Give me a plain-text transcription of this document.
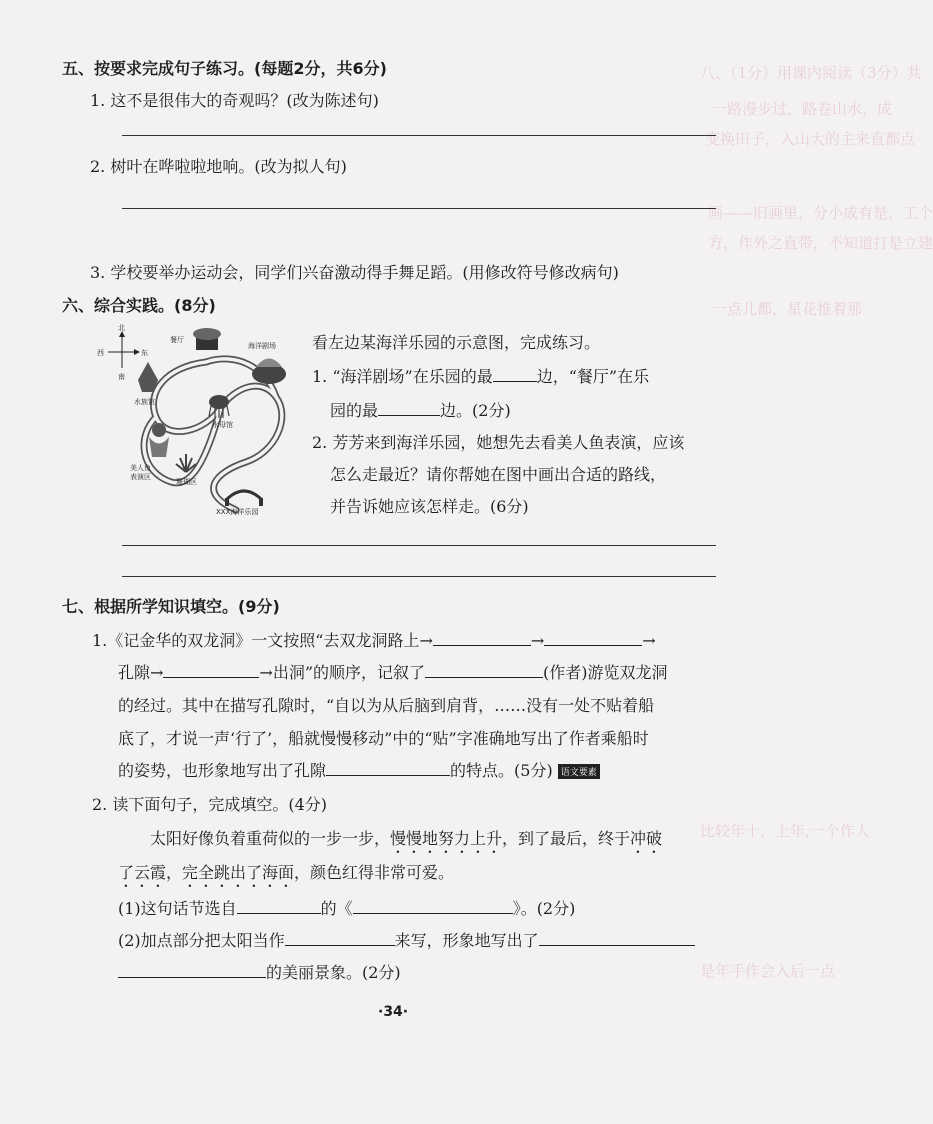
八、（1分）用课内阅读（3分）共
一路漫步过，路卷山水，成
变换田子，入山大的主来直都点
画——旧画里，分小成有是，工个
方，作外之直带，不知道打是立建
一点儿都，星花推着那
比较年十，上年,一个作人
是年手作会入后一点
五、按要求完成句子练习。(每题2分，共6分)
1. 这不是很伟大的奇观吗？(改为陈述句)
2. 树叶在哗啦啦地响。(改为拟人句)
3. 学校要举办运动会，同学们兴奋激动得手舞足蹈。(用修改符号修改病句)
六、综合实践。(8分)
北
南
西	东
餐厅
海洋剧场
水族馆
水母馆
美人鱼
表演区
珊瑚区
XXX海洋乐园
看左边某海洋乐园的示意图，完成练习。
1. “海洋剧场”在乐园的最	边，“餐厅”在乐
园的最	边。(2分)
2. 芳芳来到海洋乐园，她想先去看美人鱼表演，应该
怎么走最近？请你帮她在图中画出合适的路线，
并告诉她应该怎样走。(6分)
七、根据所学知识填空。(9分)
1.《记金华的双龙洞》一文按照“去双龙洞路上→	→	→
孔隙→	→出洞”的顺序，记叙了	(作者)游览双龙洞
的经过。其中在描写孔隙时，“自以为从后脑到肩背，……没有一处不贴着船
底了，才说一声‘行了’，船就慢慢移动”中的“贴”字准确地写出了作者乘船时
的姿势，也形象地写出了孔隙	的特点。(5分) 语文要素
2. 读下面句子，完成填空。(4分)
太阳好像负着重荷似的一步一步，慢慢地努力上升，到了最后，终于冲破
了云霞，完全跳出了海面，颜色红得非常可爱。
(1)这句话节选自	的《	》。(2分)
(2)加点部分把太阳当作	来写，形象地写出了
的美丽景象。(2分)
·34·
